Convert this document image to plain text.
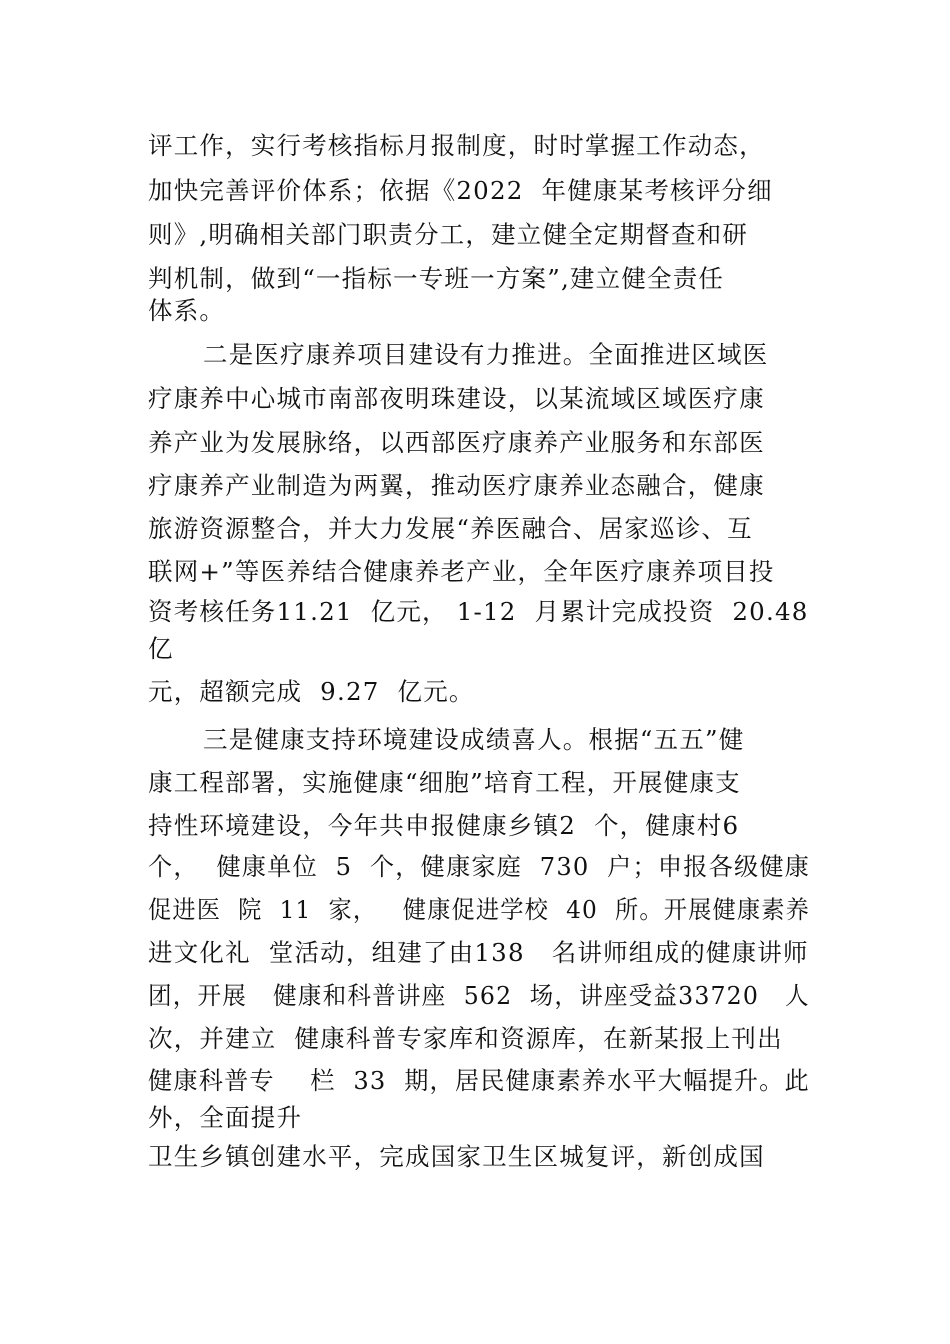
评工作，实行考核指标月报制度，时时掌握工作动态，
加快完善评价体系；依据《2022  年健康某考核评分细
则》,明确相关部门职责分工，建立健全定期督查和研
判机制，做到“一指标一专班一方案”,建立健全责任
体系。
二是医疗康养项目建设有力推进。全面推进区域医
疗康养中心城市南部夜明珠建设，以某流域区域医疗康
养产业为发展脉络，以西部医疗康养产业服务和东部医
疗康养产业制造为两翼，推动医疗康养业态融合，健康
旅游资源整合，并大力发展“养医融合、居家巡诊、互
联网+”等医养结合健康养老产业，全年医疗康养项目投
资考核任务11.21  亿元， 1-12  月累计完成投资  20.48
亿
元，超额完成  9.27  亿元。
三是健康支持环境建设成绩喜人。根据“五五”健
康工程部署，实施健康“细胞”培育工程，开展健康支
持性环境建设，今年共申报健康乡镇2  个，健康村6
个，  健康单位  5  个，健康家庭  730  户；申报各级健康
促进医  院  11  家，   健康促进学校  40  所。开展健康素养
进文化礼  堂活动，组建了由138   名讲师组成的健康讲师
团，开展   健康和科普讲座  562  场，讲座受益33720   人
次，并建立  健康科普专家库和资源库，在新某报上刊出
健康科普专    栏  33  期，居民健康素养水平大幅提升。此
外，全面提升
卫生乡镇创建水平，完成国家卫生区城复评，新创成国
